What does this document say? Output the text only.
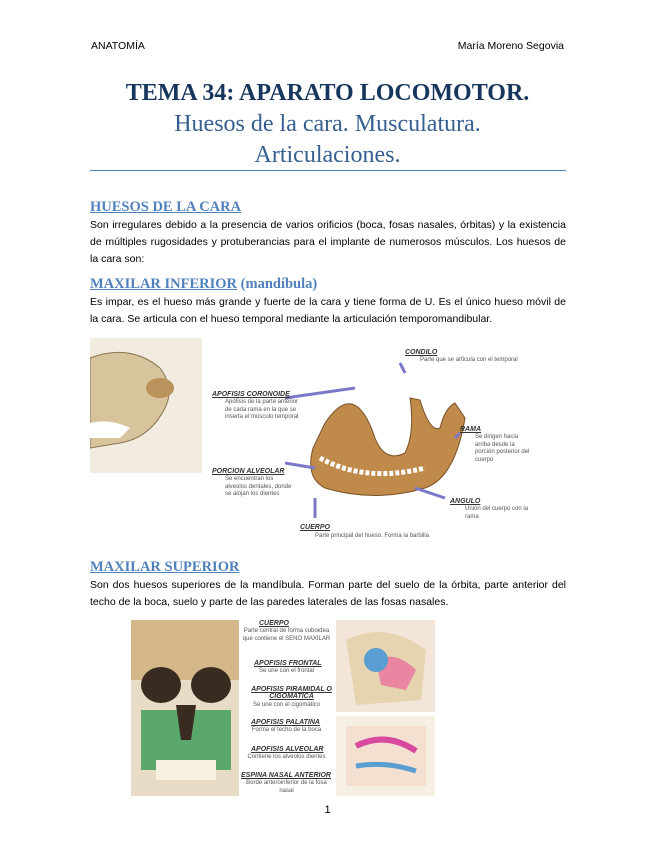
ANATOMÍA	María Moreno Segovia
TEMA 34: APARATO LOCOMOTOR.
Huesos de la cara. Musculatura.
Articulaciones.
HUESOS DE LA CARA
Son irregulares debido a la presencia de varios orificios (boca, fosas nasales, órbitas) y la existencia de múltiples rugosidades y protuberancias para el implante de numerosos músculos. Los huesos de la cara son:
MAXILAR INFERIOR (mandíbula)
Es impar, es el hueso más grande y fuerte de la cara y tiene forma de U. Es el único hueso móvil de la cara. Se articula con el hueso temporal mediante la articulación temporomandibular.
CONDILO
Parte que se articula con el temporal
APOFISIS CORONOIDE
Apófisis de la parte anterior de cada rama en la que se inserta el músculo temporal
RAMA
Se dirigen hacia arriba desde la porción posterior del cuerpo
PORCION ALVEOLAR
Se encuentran los alveolos dentales, donde se alojan los dientes
ANGULO
Unión del cuerpo con la rama
CUERPO
Parte principal del hueso. Forma la barbilla
MAXILAR SUPERIOR
Son dos huesos superiores de la mandíbula. Forman parte del suelo de la órbita, parte anterior del techo de la boca, suelo y parte de las paredes laterales de las fosas nasales.
CUERPO
Parte central de forma cuboidea que contiene el SENO MAXILAR
APOFISIS FRONTAL
Se une con el frontal
APOFISIS PIRAMIDAL O CIGOMATICA
Se une con el cigomático
APOFISIS PALATINA
Forma el techo de la boca
APOFISIS ALVEOLAR
Contiene los alveolos dientes
ESPINA NASAL ANTERIOR
Borde anteroinferior de la fosa nasal
1
